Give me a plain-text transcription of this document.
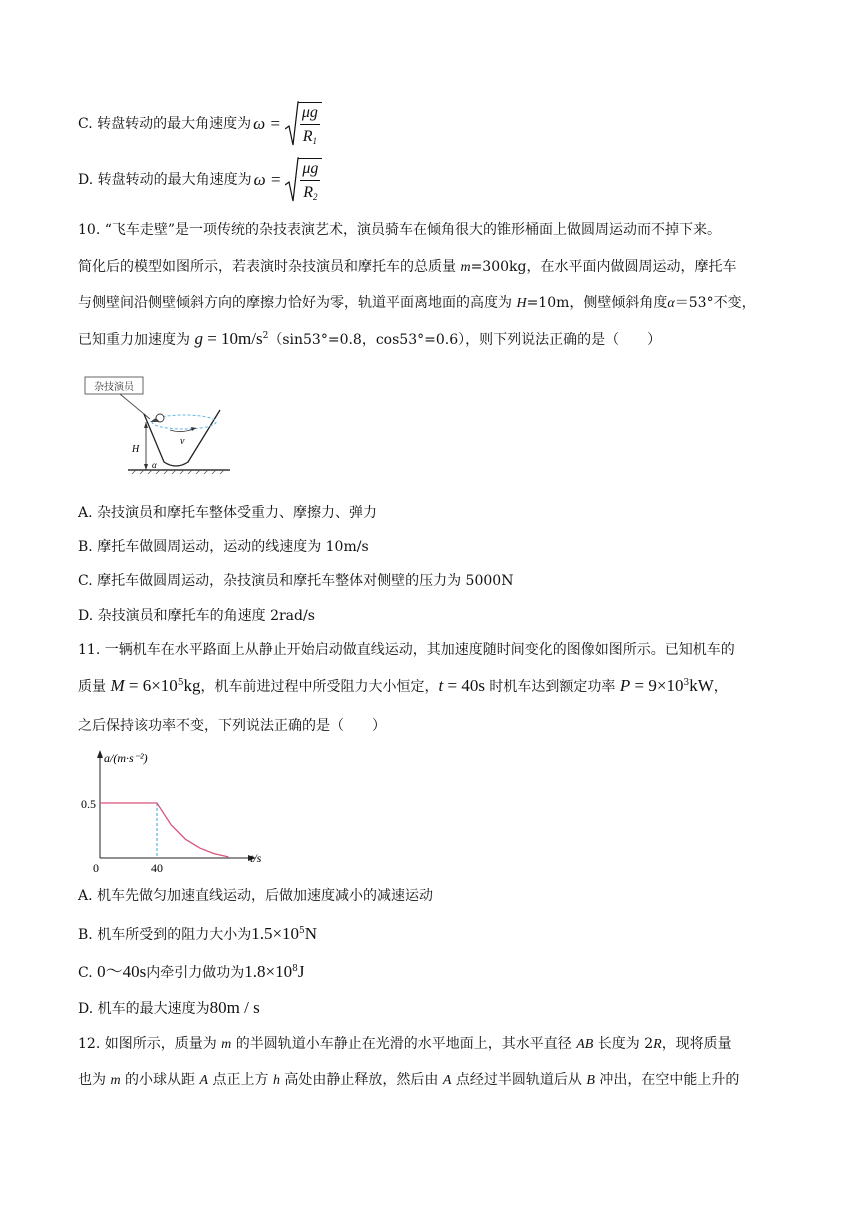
C. 转盘转动的最大角速度为 $\omega = \frac{\mu g}{R_1}$
D. 转盘转动的最大角速度为 $\omega = \frac{\mu g}{R_2}$
10. “飞车走壁”是一项传统的杂技表演艺术，演员骑车在倾角很大的锥形桶面上做圆周运动而不掉下来。
简化后的模型如图所示，若表演时杂技演员和摩托车的总质量 m=300kg，在水平面内做圆周运动，摩托车
与侧壁间沿侧壁倾斜方向的摩擦力恰好为零，轨道平面离地面的高度为 H=10m，侧壁倾斜角度α＝53°不变，
已知重力加速度为 $g = 10m/s^2(\sin 53^\circ=0.8$，cos53°=0.6），则下列说法正确的是（　　）
杂技演员
v
H
α
A. 杂技演员和摩托车整体受重力、摩擦力、弹力
B. 摩托车做圆周运动，运动的线速度为 10m/s
C. 摩托车做圆周运动，杂技演员和摩托车整体对侧壁的压力为 5000N
D. 杂技演员和摩托车的角速度 2rad/s
11. 一辆机车在水平路面上从静止开始启动做直线运动，其加速度随时间变化的图像如图所示。已知机车的
质量 $M = 6\times 10^5kg$，机车前进过程中所受阻力大小恒定，t = 40s 时机车达到额定功率 $P = 9\times 10^3kW$，
之后保持该功率不变，下列说法正确的是（　　）
a/(m·s⁻²)
t/s
0	40
0.5
A. 机车先做匀加速直线运动，后做加速度减小的减速运动
B. 机车所受到的阻力大小为$1.5\times 10^5N$
C. 0～40s内牵引力做功为$1.8\times 10^8J$
D. 机车的最大速度为80m / s
12. 如图所示，质量为 m 的半圆轨道小车静止在光滑的水平地面上，其水平直径 AB 长度为 2R，现将质量
也为 m 的小球从距 A 点正上方 h 高处由静止释放，然后由 A 点经过半圆轨道后从 B 冲出，在空中能上升的
